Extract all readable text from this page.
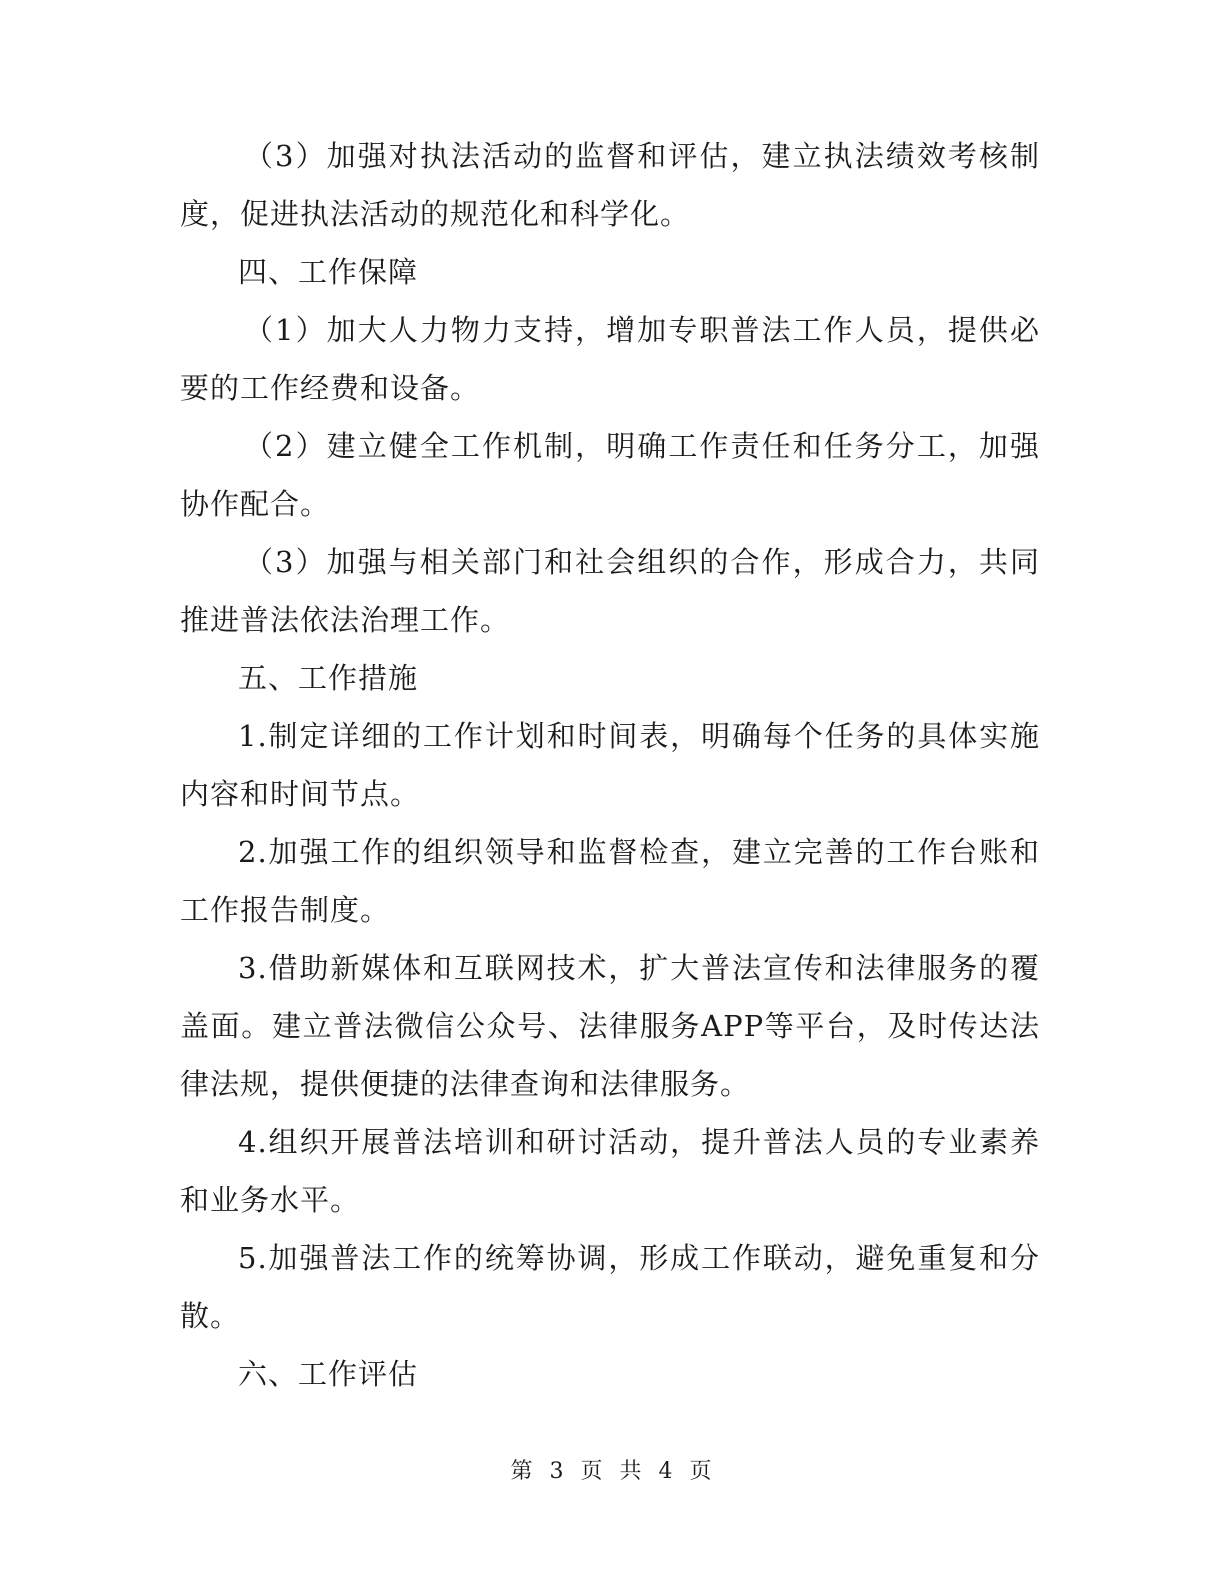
（3）加强对执法活动的监督和评估，建立执法绩效考核制度，促进执法活动的规范化和科学化。

四、工作保障

（1）加大人力物力支持，增加专职普法工作人员，提供必要的工作经费和设备。

（2）建立健全工作机制，明确工作责任和任务分工，加强协作配合。

（3）加强与相关部门和社会组织的合作，形成合力，共同推进普法依法治理工作。

五、工作措施

1.制定详细的工作计划和时间表，明确每个任务的具体实施内容和时间节点。

2.加强工作的组织领导和监督检查，建立完善的工作台账和工作报告制度。

3.借助新媒体和互联网技术，扩大普法宣传和法律服务的覆盖面。建立普法微信公众号、法律服务APP等平台，及时传达法律法规，提供便捷的法律查询和法律服务。

4.组织开展普法培训和研讨活动，提升普法人员的专业素养和业务水平。

5.加强普法工作的统筹协调，形成工作联动，避免重复和分散。

六、工作评估

第 3 页 共 4 页
